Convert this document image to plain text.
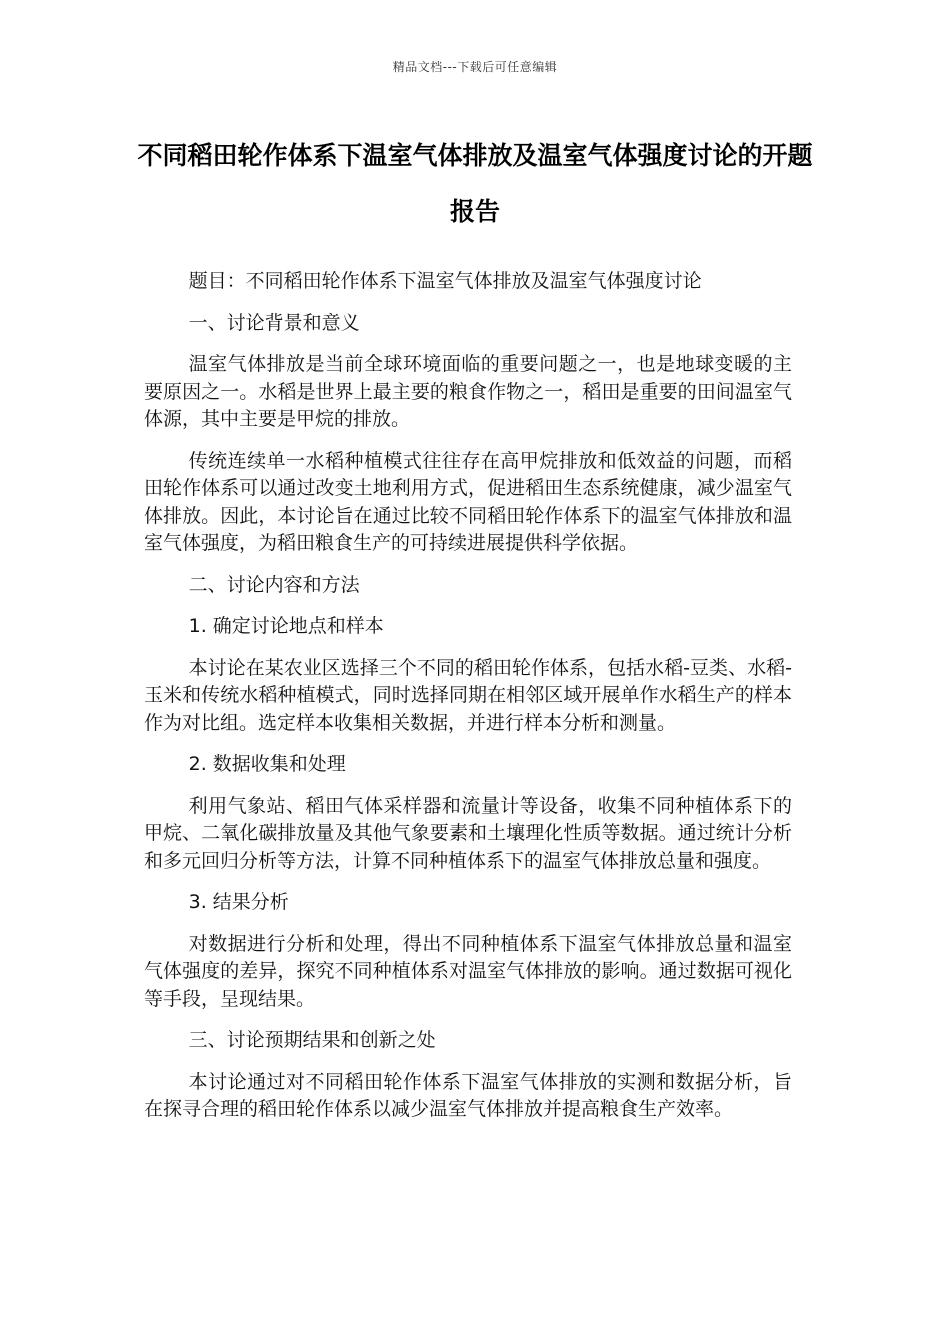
精品文档---下载后可任意编辑
不同稻田轮作体系下温室气体排放及温室气体强度讨论的开题报告

题目：不同稻田轮作体系下温室气体排放及温室气体强度讨论

一、讨论背景和意义

温室气体排放是当前全球环境面临的重要问题之一，也是地球变暖的主要原因之一。水稻是世界上最主要的粮食作物之一，稻田是重要的田间温室气体源，其中主要是甲烷的排放。

传统连续单一水稻种植模式往往存在高甲烷排放和低效益的问题，而稻田轮作体系可以通过改变土地利用方式，促进稻田生态系统健康，减少温室气体排放。因此，本讨论旨在通过比较不同稻田轮作体系下的温室气体排放和温室气体强度，为稻田粮食生产的可持续进展提供科学依据。

二、讨论内容和方法

1. 确定讨论地点和样本

本讨论在某农业区选择三个不同的稻田轮作体系，包括水稻-豆类、水稻-玉米和传统水稻种植模式，同时选择同期在相邻区域开展单作水稻生产的样本作为对比组。选定样本收集相关数据，并进行样本分析和测量。

2. 数据收集和处理

利用气象站、稻田气体采样器和流量计等设备，收集不同种植体系下的甲烷、二氧化碳排放量及其他气象要素和土壤理化性质等数据。通过统计分析和多元回归分析等方法，计算不同种植体系下的温室气体排放总量和强度。

3. 结果分析

对数据进行分析和处理，得出不同种植体系下温室气体排放总量和温室气体强度的差异，探究不同种植体系对温室气体排放的影响。通过数据可视化等手段，呈现结果。

三、讨论预期结果和创新之处

本讨论通过对不同稻田轮作体系下温室气体排放的实测和数据分析，旨在探寻合理的稻田轮作体系以减少温室气体排放并提高粮食生产效率。
